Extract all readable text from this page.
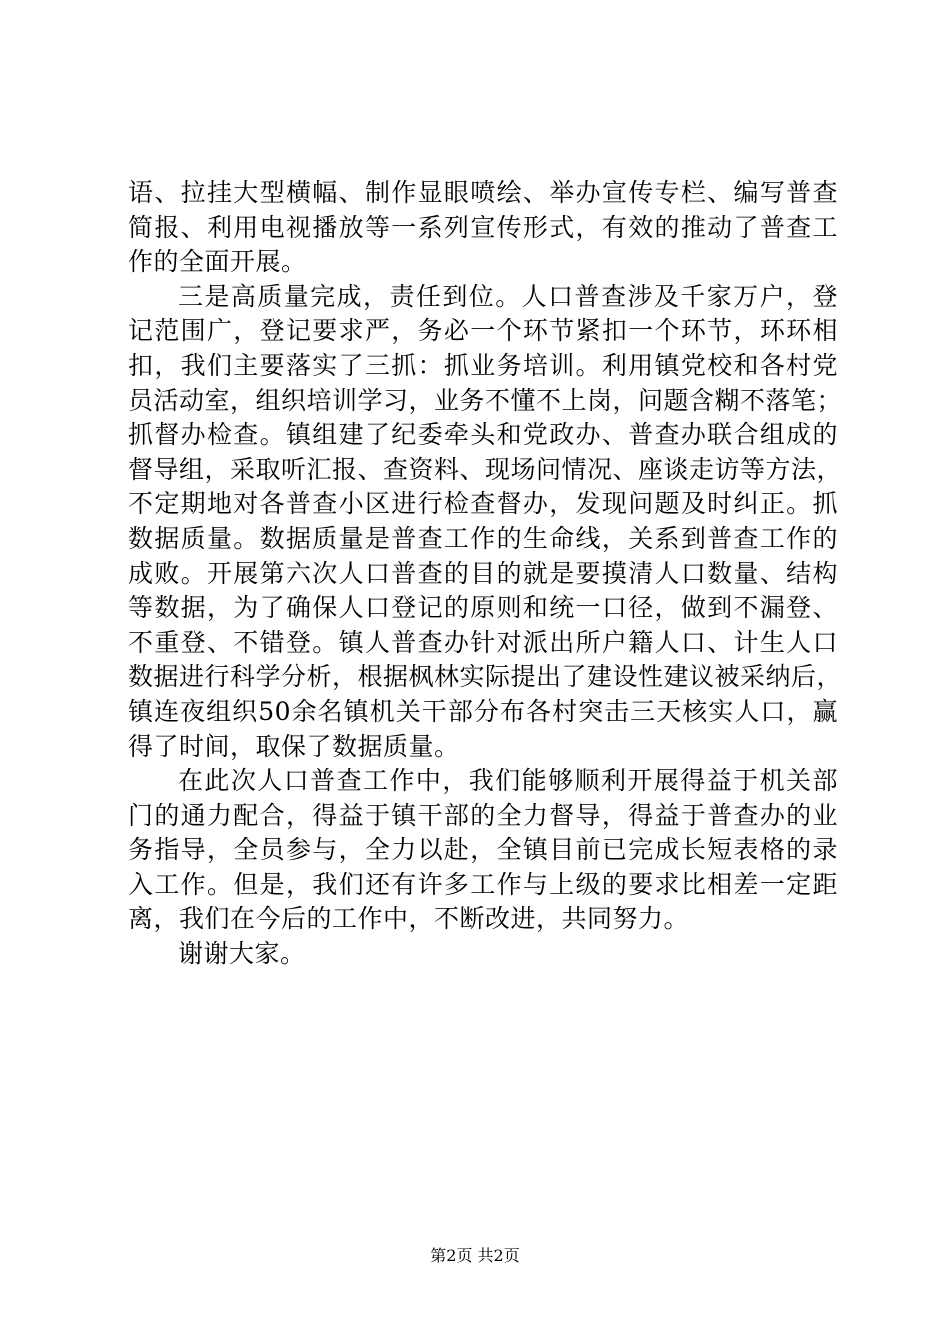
语、拉挂大型横幅、制作显眼喷绘、举办宣传专栏、编写普查
简报、利用电视播放等一系列宣传形式，有效的推动了普查工
作的全面开展。

三是高质量完成，责任到位。人口普查涉及千家万户，登
记范围广，登记要求严，务必一个环节紧扣一个环节，环环相
扣，我们主要落实了三抓：抓业务培训。利用镇党校和各村党
员活动室，组织培训学习，业务不懂不上岗，问题含糊不落笔；
抓督办检查。镇组建了纪委牵头和党政办、普查办联合组成的
督导组，采取听汇报、查资料、现场问情况、座谈走访等方法，
不定期地对各普查小区进行检查督办，发现问题及时纠正。抓
数据质量。数据质量是普查工作的生命线，关系到普查工作的
成败。开展第六次人口普查的目的就是要摸清人口数量、结构
等数据，为了确保人口登记的原则和统一口径，做到不漏登、
不重登、不错登。镇人普查办针对派出所户籍人口、计生人口
数据进行科学分析，根据枫林实际提出了建设性建议被采纳后，
镇连夜组织50余名镇机关干部分布各村突击三天核实人口，赢
得了时间，取保了数据质量。

在此次人口普查工作中，我们能够顺利开展得益于机关部
门的通力配合，得益于镇干部的全力督导，得益于普查办的业
务指导，全员参与，全力以赴，全镇目前已完成长短表格的录
入工作。但是，我们还有许多工作与上级的要求比相差一定距
离，我们在今后的工作中，不断改进，共同努力。

谢谢大家。

第2页 共2页
